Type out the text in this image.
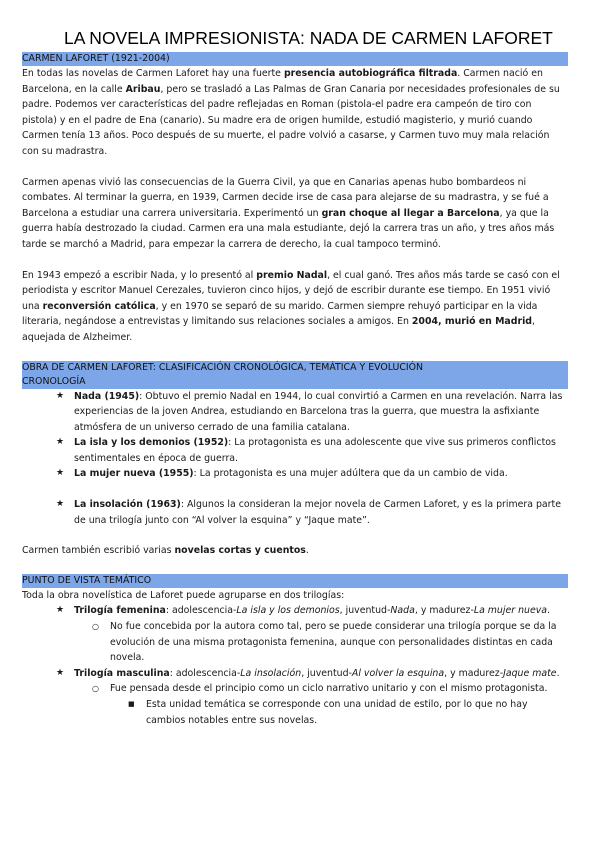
LA NOVELA IMPRESIONISTA: NADA DE CARMEN LAFORET
CARMEN LAFORET (1921-2004)

En todas las novelas de Carmen Laforet hay una fuerte presencia autobiográfica filtrada. Carmen nació en Barcelona, en la calle Aribau, pero se trasladó a Las Palmas de Gran Canaria por necesidades profesionales de su padre. Podemos ver características del padre reflejadas en Roman (pistola-el padre era campeón de tiro con pistola) y en el padre de Ena (canario). Su madre era de origen humilde, estudió magisterio, y murió cuando Carmen tenía 13 años. Poco después de su muerte, el padre volvió a casarse, y Carmen tuvo muy mala relación con su madrastra.

Carmen apenas vivió las consecuencias de la Guerra Civil, ya que en Canarias apenas hubo bombardeos ni combates. Al terminar la guerra, en 1939, Carmen decide irse de casa para alejarse de su madrastra, y se fué a Barcelona a estudiar una carrera universitaria. Experimentó un gran choque al llegar a Barcelona, ya que la guerra había destrozado la ciudad. Carmen era una mala estudiante, dejó la carrera tras un año, y tres años más tarde se marchó a Madrid, para empezar la carrera de derecho, la cual tampoco terminó.

En 1943 empezó a escribir Nada, y lo presentó al premio Nadal, el cual ganó. Tres años más tarde se casó con el periodista y escritor Manuel Cerezales, tuvieron cinco hijos, y dejó de escribir durante ese tiempo. En 1951 vivió una reconversión católica, y en 1970 se separó de su marido. Carmen siempre rehuyó participar en la vida literaria, negándose a entrevistas y limitando sus relaciones sociales a amigos. En 2004, murió en Madrid, aquejada de Alzheimer.

OBRA DE CARMEN LAFORET: CLASIFICACIÓN CRONOLÓGICA, TEMÁTICA Y EVOLUCIÓN
CRONOLOGÍA
★ Nada (1945): Obtuvo el premio Nadal en 1944, lo cual convirtió a Carmen en una revelación. Narra las experiencias de la joven Andrea, estudiando en Barcelona tras la guerra, que muestra la asfixiante atmósfera de un universo cerrado de una familia catalana.
★ La isla y los demonios (1952): La protagonista es una adolescente que vive sus primeros conflictos sentimentales en época de guerra.
★ La mujer nueva (1955): La protagonista es una mujer adúltera que da un cambio de vida.
★ La insolación (1963): Algunos la consideran la mejor novela de Carmen Laforet, y es la primera parte de una trilogía junto con “Al volver la esquina” y “Jaque mate”.

Carmen también escribió varias novelas cortas y cuentos.

PUNTO DE VISTA TEMÁTICO

Toda la obra novelística de Laforet puede agruparse en dos trilogías:

★ Trilogía femenina: adolescencia-La isla y los demonios, juventud-Nada, y madurez-La mujer nueva.
○ No fue concebida por la autora como tal, pero se puede considerar una trilogía porque se da la evolución de una misma protagonista femenina, aunque con personalidades distintas en cada novela.
★ Trilogía masculina: adolescencia-La insolación, juventud-Al volver la esquina, y madurez-Jaque mate.
○ Fue pensada desde el principio como un ciclo narrativo unitario y con el mismo protagonista.
■ Esta unidad temática se corresponde con una unidad de estilo, por lo que no hay cambios notables entre sus novelas.
